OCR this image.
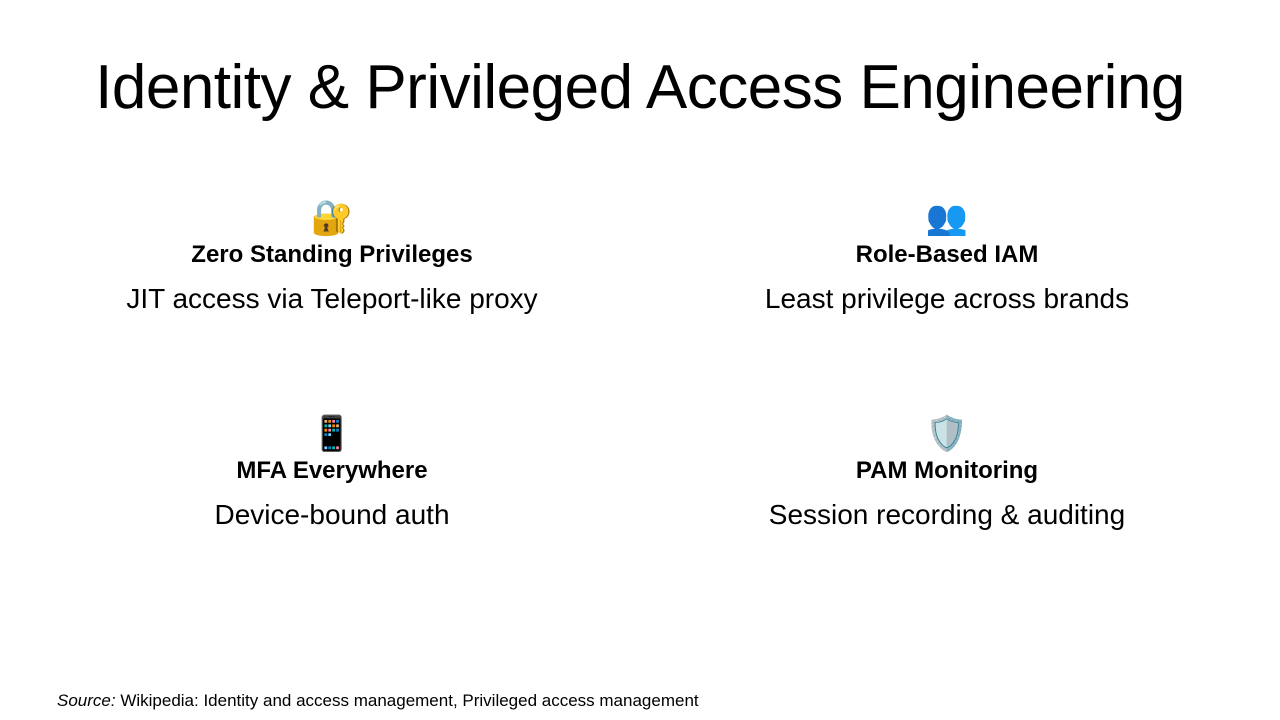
Identity & Privileged Access Engineering
🔐
Zero Standing Privileges
JIT access via Teleport-like proxy
👥
Role-Based IAM
Least privilege across brands
📱
MFA Everywhere
Device-bound auth
🛡️
PAM Monitoring
Session recording & auditing
Source: Wikipedia: Identity and access management, Privileged access management
